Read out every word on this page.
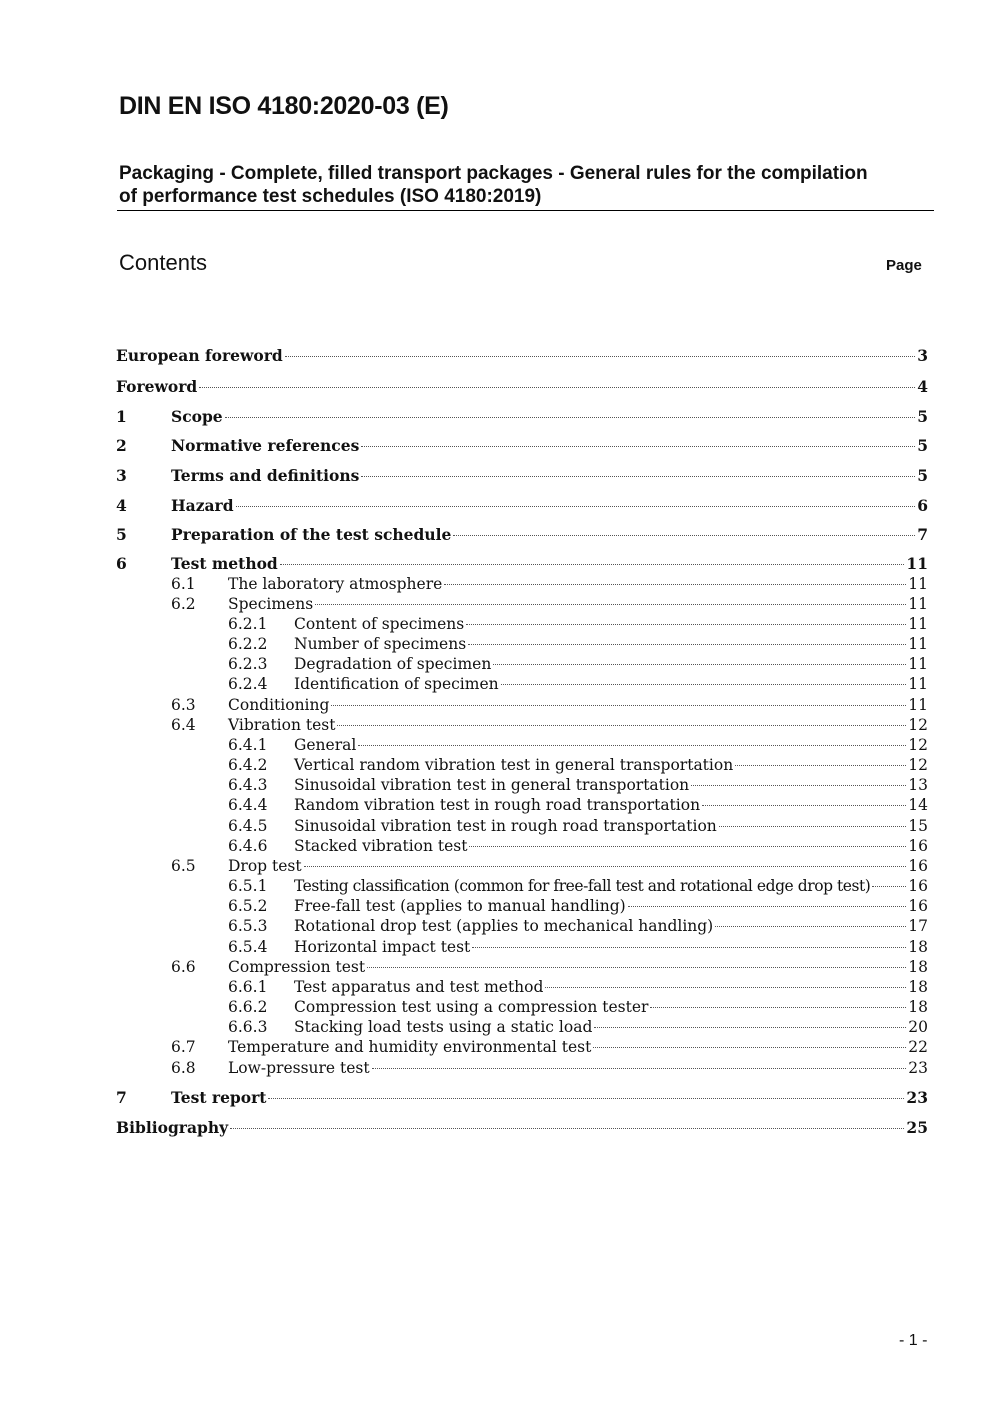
DIN EN ISO 4180:2020-03 (E)
Packaging - Complete, filled transport packages - General rules for the compilation
of performance test schedules (ISO 4180:2019)
Contents	Page
European foreword	3
Foreword	4
1	Scope	5
2	Normative references	5
3	Terms and definitions	5
4	Hazard	6
5	Preparation of the test schedule	7
6	Test method	11
6.1	The laboratory atmosphere	11
6.2	Specimens	11
6.2.1	Content of specimens	11
6.2.2	Number of specimens	11
6.2.3	Degradation of specimen	11
6.2.4	Identification of specimen	11
6.3	Conditioning	11
6.4	Vibration test	12
6.4.1	General	12
6.4.2	Vertical random vibration test in general transportation	12
6.4.3	Sinusoidal vibration test in general transportation	13
6.4.4	Random vibration test in rough road transportation	14
6.4.5	Sinusoidal vibration test in rough road transportation	15
6.4.6	Stacked vibration test	16
6.5	Drop test	16
6.5.1	Testing classification (common for free-fall test and rotational edge drop test) 16
6.5.2	Free-fall test (applies to manual handling)	16
6.5.3	Rotational drop test (applies to mechanical handling)	17
6.5.4	Horizontal impact test	18
6.6	Compression test	18
6.6.1	Test apparatus and test method	18
6.6.2	Compression test using a compression tester	18
6.6.3	Stacking load tests using a static load	20
6.7	Temperature and humidity environmental test	22
6.8	Low-pressure test	23
7	Test report	23
Bibliography	25
- 1 -
